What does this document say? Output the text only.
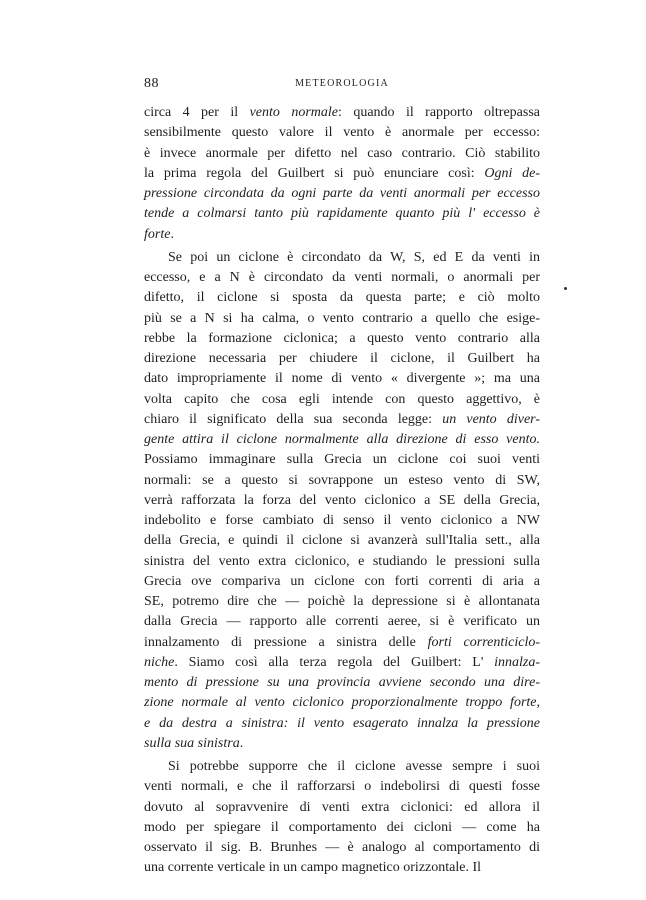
88	METEOROLOGIA
circa 4 per il vento normale: quando il rapporto oltrepassa
sensibilmente questo valore il vento è anormale per eccesso:
è invece anormale per difetto nel caso contrario. Ciò stabilito
la prima regola del Guilbert si può enunciare così: Ogni de-
pressione circondata da ogni parte da venti anormali per eccesso
tende a colmarsi tanto più rapidamente quanto più l' eccesso è
forte.
Se poi un ciclone è circondato da W, S, ed E da venti in
eccesso, e a N è circondato da venti normali, o anormali per
difetto, il ciclone si sposta da questa parte; e ciò molto
più se a N si ha calma, o vento contrario a quello che esige-
rebbe la formazione ciclonica; a questo vento contrario alla
direzione necessaria per chiudere il ciclone, il Guilbert ha
dato impropriamente il nome di vento « divergente »; ma una
volta capito che cosa egli intende con questo aggettivo, è
chiaro il significato della sua seconda legge: un vento diver-
gente attira il ciclone normalmente alla direzione di esso vento.
Possiamo immaginare sulla Grecia un ciclone coi suoi venti
normali: se a questo si sovrappone un esteso vento di SW,
verrà rafforzata la forza del vento ciclonico a SE della Grecia,
indebolito e forse cambiato di senso il vento ciclonico a NW
della Grecia, e quindi il ciclone si avanzerà sull'Italia sett., alla
sinistra del vento extra ciclonico, e studiando le pressioni sulla
Grecia ove compariva un ciclone con forti correnti di aria a
SE, potremo dire che — poichè la depressione si è allontanata
dalla Grecia — rapporto alle correnti aeree, si è verificato un
innalzamento di pressione a sinistra delle forti correnticiclo-
niche. Siamo così alla terza regola del Guilbert: L' innalza-
mento di pressione su una provincia avviene secondo una dire-
zione normale al vento ciclonico proporzionalmente troppo forte,
e da destra a sinistra: il vento esagerato innalza la pressione
sulla sua sinistra.
Si potrebbe supporre che il ciclone avesse sempre i suoi
venti normali, e che il rafforzarsi o indebolirsi di questi fosse
dovuto al sopravvenire di venti extra ciclonici: ed allora il
modo per spiegare il comportamento dei cicloni — come ha
osservato il sig. B. Brunhes — è analogo al comportamento di
una corrente verticale in un campo magnetico orizzontale. Il
